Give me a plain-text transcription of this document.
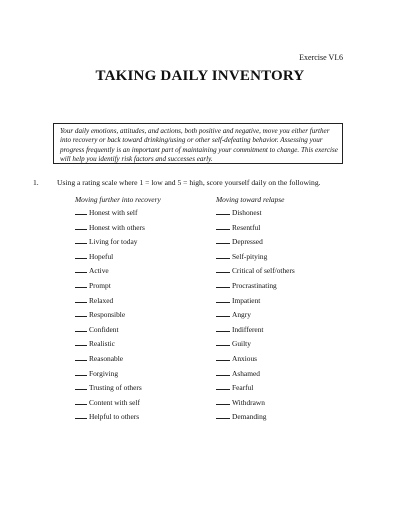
Exercise VI.6
TAKING DAILY INVENTORY
Your daily emotions, attitudes, and actions, both positive and negative, move you either further into recovery or back toward drinking/using or other self-defeating behavior. Assessing your progress frequently is an important part of maintaining your commitment to change. This exercise will help you identify risk factors and successes early.
1. Using a rating scale where 1 = low and 5 = high, score yourself daily on the following.
Moving further into recovery	Moving toward relapse
Honest with self
Honest with others
Living for today
Hopeful
Active
Prompt
Relaxed
Responsible
Confident
Realistic
Reasonable
Forgiving
Trusting of others
Content with self
Helpful to others
Dishonest
Resentful
Depressed
Self-pitying
Critical of self/others
Procrastinating
Impatient
Angry
Indifferent
Guilty
Anxious
Ashamed
Fearful
Withdrawn
Demanding
